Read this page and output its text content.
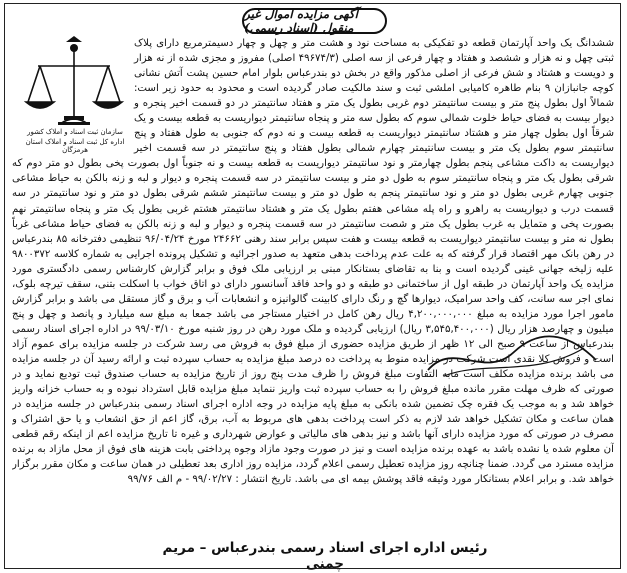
آگهی مزایده اموال غیر منقول (اسناد رسمی)
ششدانگ یک واحد آپارتمان قطعه دو تفکیکی به مساحت نود و هشت متر و چهل و چهار دسیمترمربع دارای پلاک ثبتی چهل و نه هزار و ششصد و هفتاد و چهار فرعی از سه اصلی (۴۹۶۷۴/۳ اصلی) مفروز و مجزی شده از نه هزار و دویست و هشتاد و شش فرعی از اصلی مذکور واقع در بخش دو بندرعباس بلوار امام حسین پشت آتش نشانی کوچه جانبازان ۹ بنام طاهره کامیابی املشی ثبت و سند مالکیت صادر گردیده است و محدود به حدود زیر است: شمالاً اول بطول پنج متر و بیست سانتیمتر دوم غربی بطول یک متر و هفتاد سانتیمتر در دو قسمت اخیر پنجره و دیوار بیست به فضای حیاط خلوت شمالی سوم که بطول سه متر و پنجاه سانتیمتر دیواریست به قطعه بیست و یک شرقاً اول بطول چهار متر و هشتاد سانتیمتر دیواریست به قطعه بیست و نه دوم که جنوبی به طول هفتاد و پنج سانتیمتر سوم بطول یک متر و بیست سانتیمتر چهارم شمالی بطول هفتاد و پنج سانتیمتر در سه قسمت اخیر دیواریست به داکت مشاعی پنجم بطول چهارمتر و نود سانتیمتر دیواریست به قطعه بیست و نه جنوباً اول بصورت پخی بطول دو متر دوم که شرقی بطول یک متر و پنجاه سانتیمتر سوم به طول دو متر و بیست سانتیمتر در سه قسمت پنجره و دیوار و لبه و زنه بالکن به حیاط مشاعی جنوبی چهارم غربی بطول دو متر و نود سانتیمتر پنجم به طول دو متر و بیست سانتیمتر ششم شرقی بطول دو متر و نود سانتیمتر در سه قسمت درب و دیواریست به راهرو و راه پله مشاعی هفتم بطول یک متر و هشتاد سانتیمتر هشتم غربی بطول یک متر و پنجاه سانتیمتر نهم بصورت پخی و متمایل به غرب بطول یک متر و شصت سانتیمتر در سه قسمت پنجره و دیوار و لبه و زنه بالکن به فضای حیاط مشاعی غرباً بطول نه متر و بیست سانتیمتر دیواریست به قطعه بیست و هفت سپس برابر سند رهنی ۲۴۶۶۲ مورخ ۹۶/۰۴/۲۴ تنظیمی دفترخانه ۸۵ بندرعباس در رهن بانک مهر اقتصاد قرار گرفته که به علت عدم پرداخت بدهی متعهد به صدور اجرائیه و تشکیل پرونده اجرایی به شماره کلاسه ۹۸۰۰۳۷۲ علیه زلیخه جهانی غینی گردیده است و بنا به تقاضای بستانکار مبنی بر ارزیابی ملک فوق و برابر گزارش کارشناس رسمی دادگستری مورد مزایده یک واحد آپارتمان در طبقه اول از ساختمانی دو طبقه و دو واحد فاقد آسانسور دارای دو اتاق خواب با اسکلت بتنی، سقف تیرچه بلوک، نمای اجر سه سانت، کف واحد سرامیک، دیوارها گچ و رنگ دارای کابینت گالوانیزه و انشعابات آب و برق و گاز مستقل می باشد و برابر گزارش مامور اجرا مورد مزایده به مبلغ ۴,۲۰۰,۰۰۰,۰۰۰ ریال رهن کامل در اختیار مستاجر می باشد جمعا به مبلغ سه میلیارد و پانصد و چهل و پنج میلیون و چهارصد هزار ریال (۳,۵۴۵,۴۰۰,۰۰۰ ریال) ارزیابی گردیده و ملک مورد رهن در روز شنبه مورخ ۹۹/۰۳/۱۰ در اداره اجرای اسناد رسمی بندرعباس از ساعت ۹ صبح الی ۱۲ ظهر از طریق مزایده حضوری از مبلغ فوق به فروش می رسد شرکت در جلسه مزایده برای عموم آزاد است و فروش کلا نقدی است شرکت در مزایده منوط به پرداخت ده درصد مبلغ مزایده به حساب سپرده ثبت و ارائه رسید آن در جلسه مزایده می باشد برنده مزایده مکلف است مابه التفاوت مبلغ فروش را ظرف مدت پنج روز از تاریخ مزایده به حساب صندوق ثبت تودیع نماید و در صورتی که ظرف مهلت مقرر مانده مبلغ فروش را به حساب سپرده ثبت واریز ننماید مبلغ مزایده قابل استرداد نبوده و به حساب خزانه واریز خواهد شد و به موجب یک فقره چک تضمین شده بانکی به مبلغ پایه مزایده در وجه اداره اجرای اسناد رسمی بندرعباس در جلسه مزایده در همان ساعت و مکان تشکیل خواهد شد لازم به ذکر است پرداخت بدهی های مربوط به آب، برق، گاز اعم از حق انشعاب و یا حق اشتراک و مصرف در صورتی که مورد مزایده دارای آنها باشد و نیز بدهی های مالیاتی و عوارض شهرداری و غیره تا تاریخ مزایده اعم از اینکه رقم قطعی آن معلوم شده یا نشده باشد به عهده برنده مزایده است و نیز در صورت وجود مازاد وجوه پرداختی بابت هزینه های فوق از محل مازاد به برنده مزایده مسترد می گردد. ضمنا چنانچه روز مزایده تعطیل رسمی اعلام گردد، مزایده روز اداری بعد تعطیلی در همان ساعت و مکان مقرر برگزار خواهد شد. و برابر اعلام بستانکار مورد وثیقه فاقد پوشش بیمه ای می باشد. تاریخ انتشار : ۹۹/۰۲/۲۷ - م الف ۹۹/۷۶
سازمان ثبت اسناد و املاک کشور
اداره کل ثبت اسناد و املاک استان هرمزگان
رئیس اداره اجرای اسناد رسمی بندرعباس – مریم چمنی
